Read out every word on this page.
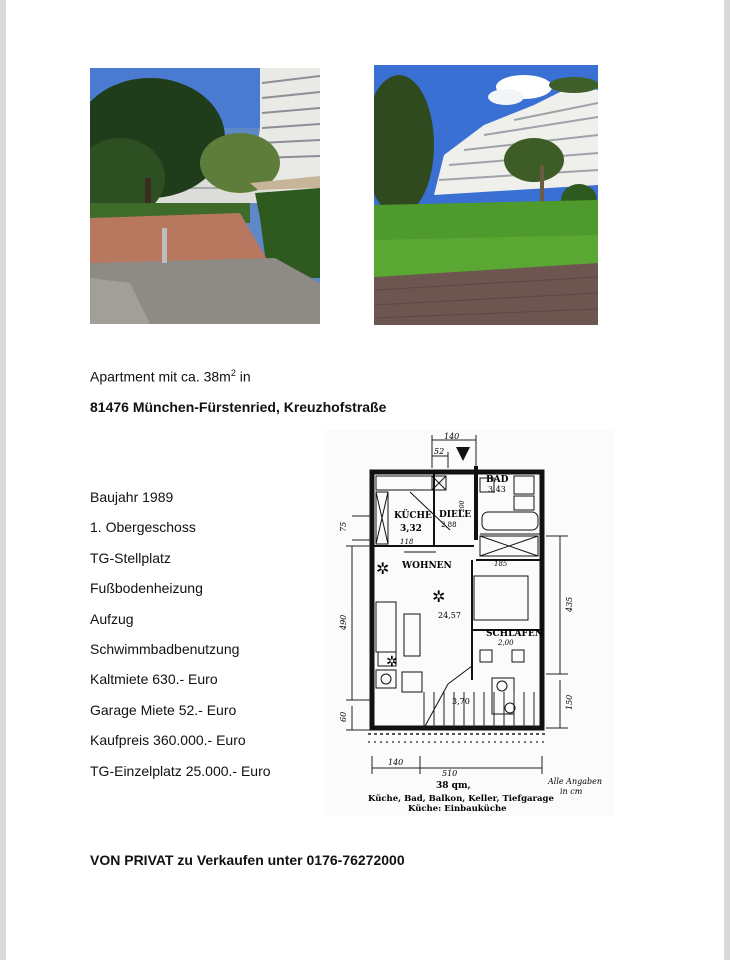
Apartment mit ca. $38m^2$ in
81476 München-Fürstenried, Kreuzhofstraße
Baujahr 1989
1. Obergeschoss
TG-Stellplatz
Fußbodenheizung
Aufzug
Schwimmbadbenutzung
Kaltmiete 630.- Euro
Garage Miete 52.- Euro
Kaufpreis 360.000.- Euro
TG-Einzelplatz 25.000.- Euro
140
52
✲
✲
✲
75
490
60
435
150
140
510
118
185
200
BAD
3,43
KÜCHE
3,32
DIELE
2,88
WOHNEN
24,57
SCHLAFEN
2,00
3,70
38 qm,
Küche, Bad, Balkon, Keller, Tiefgarage
Küche: Einbauküche
Alle Angaben
in cm
VON PRIVAT zu Verkaufen unter 0176-76272000
